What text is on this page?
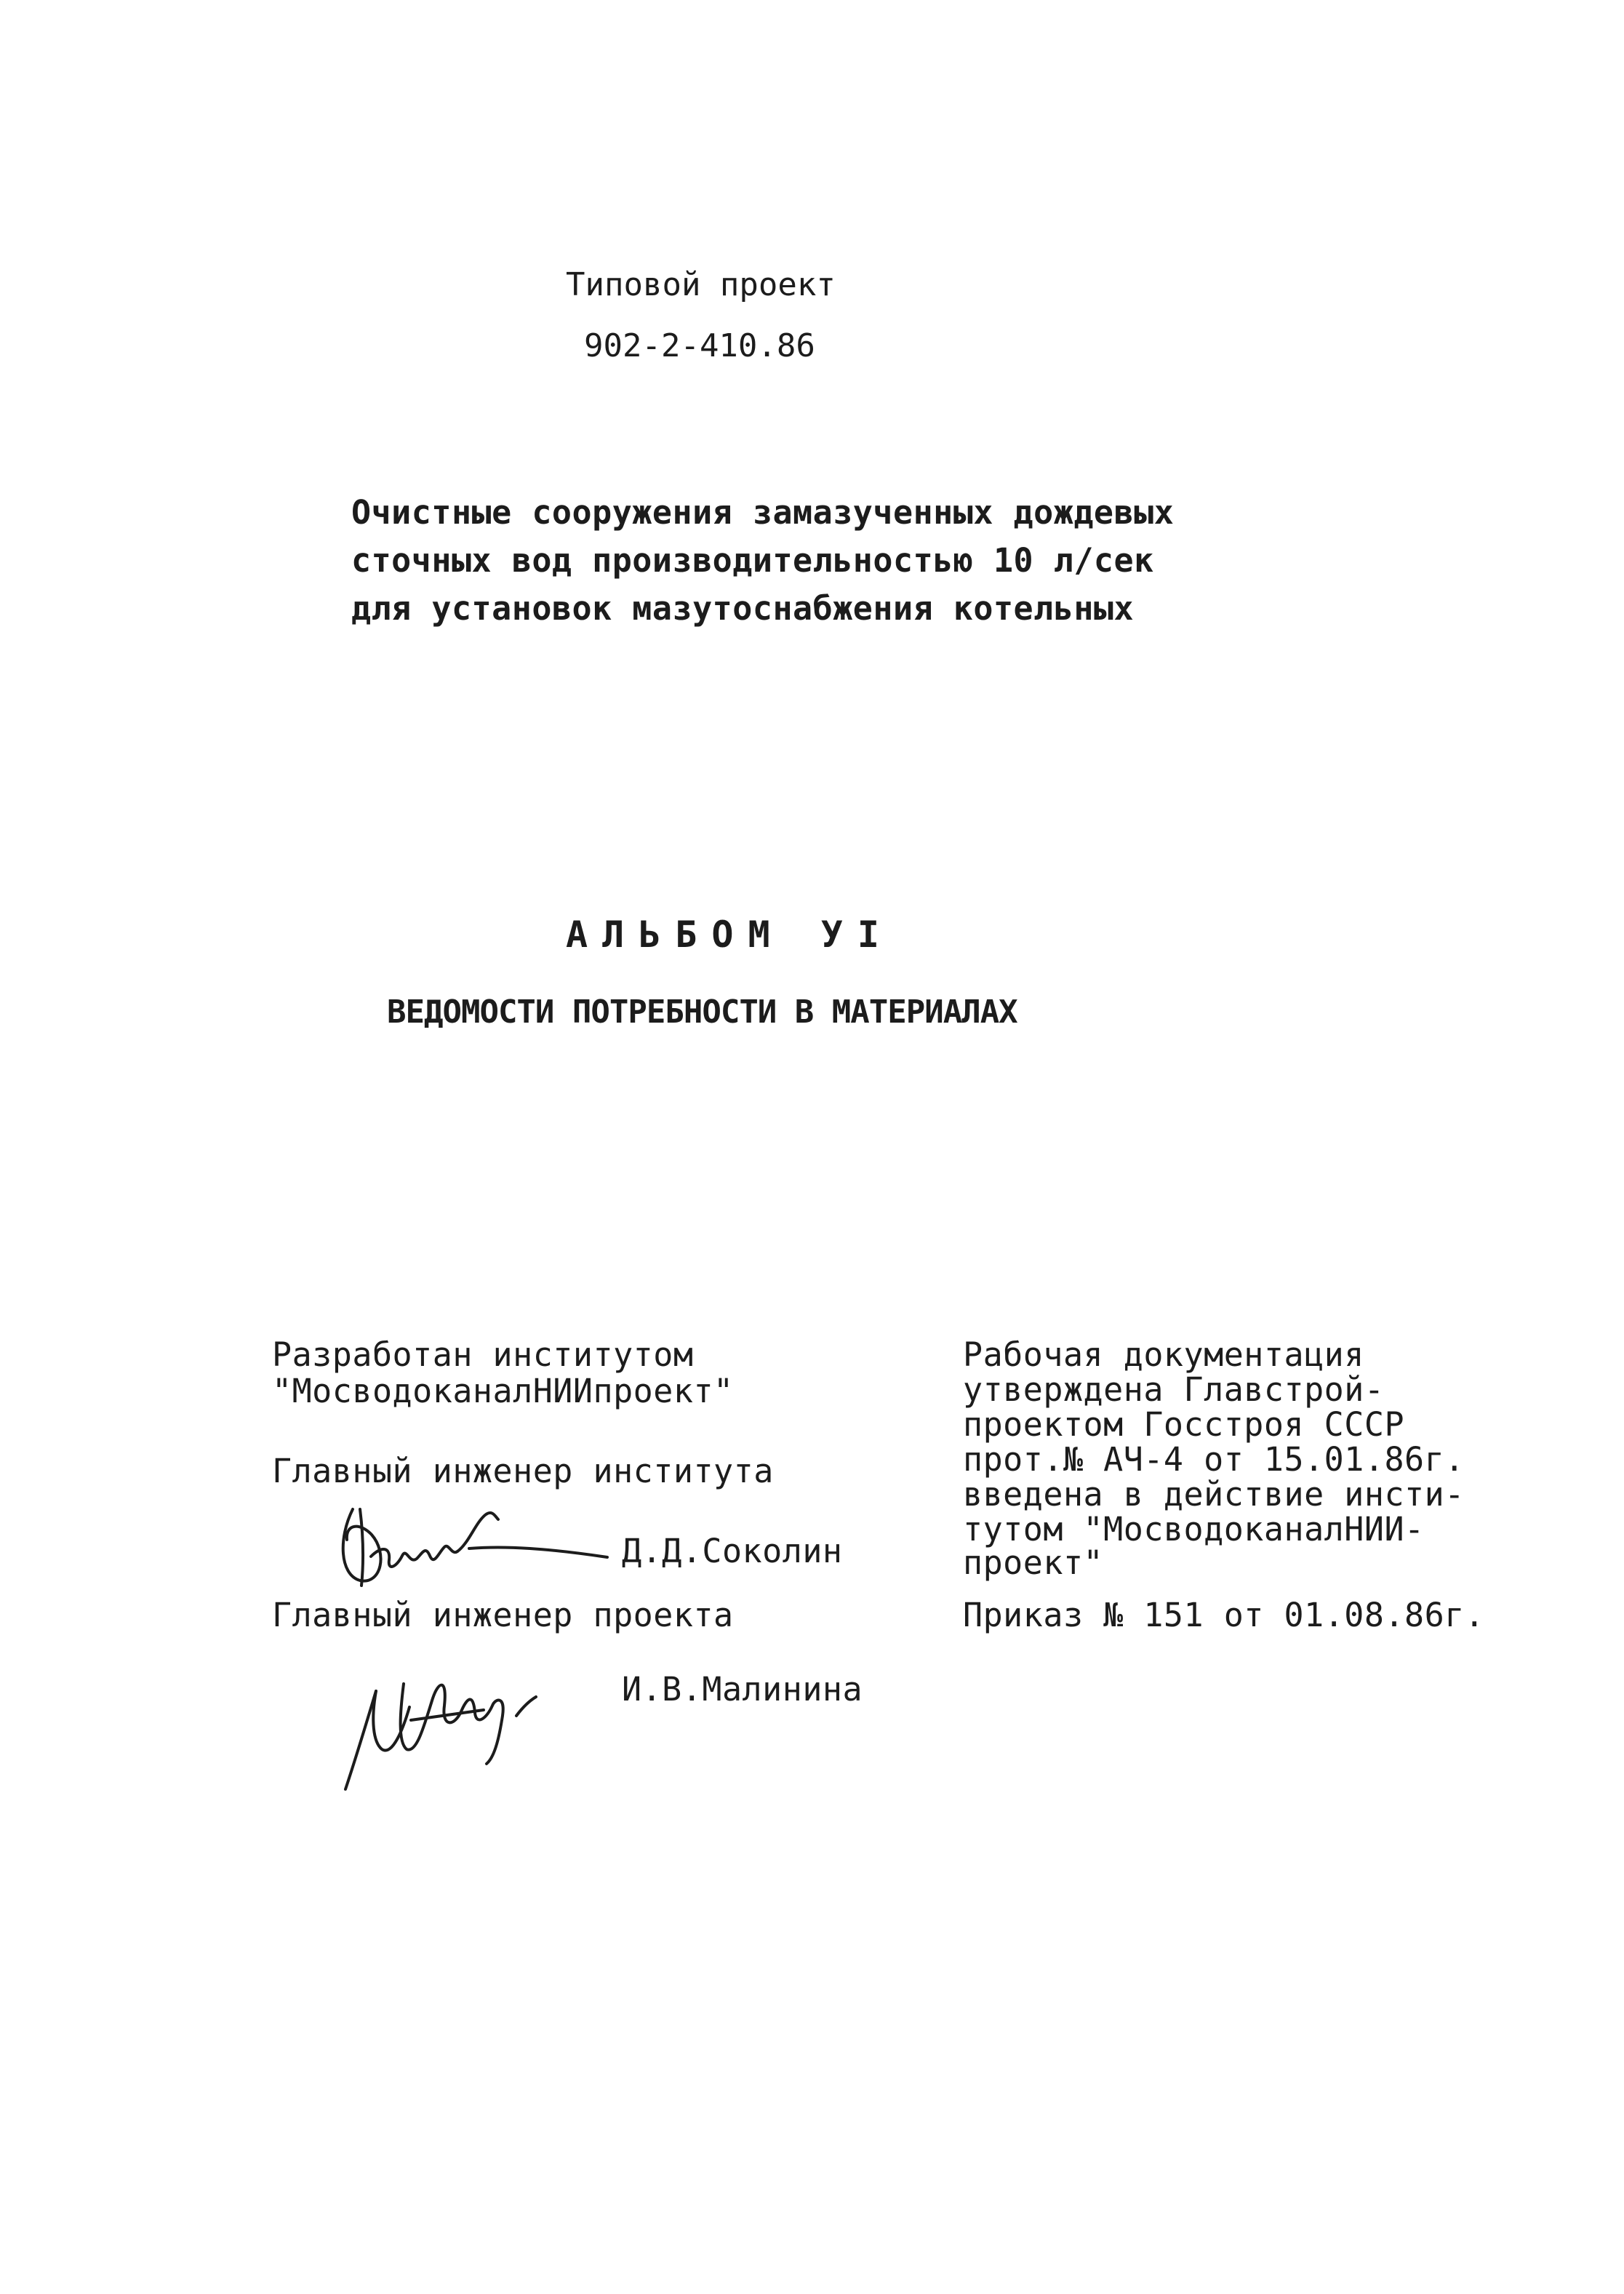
Типовой проект
902-2-410.86
Очистные сооружения замазученных дождевых
сточных вод производительностью 10 л/сек
для установок мазутоснабжения котельных
АЛЬБОМ УI
ВЕДОМОСТИ ПОТРЕБНОСТИ В МАТЕРИАЛАХ
Разработан институтом
"МосводоканалНИИпроект"
Главный инженер института
Д.Д.Соколин
Главный инженер проекта
И.В.Малинина
Рабочая документация
утверждена Главстрой-
проектом Госстроя СССР
прот.№ АЧ-4 от 15.01.86г.
введена в действие инсти-
тутом "МосводоканалНИИ-
проект"
Приказ № 151 от 01.08.86г.
